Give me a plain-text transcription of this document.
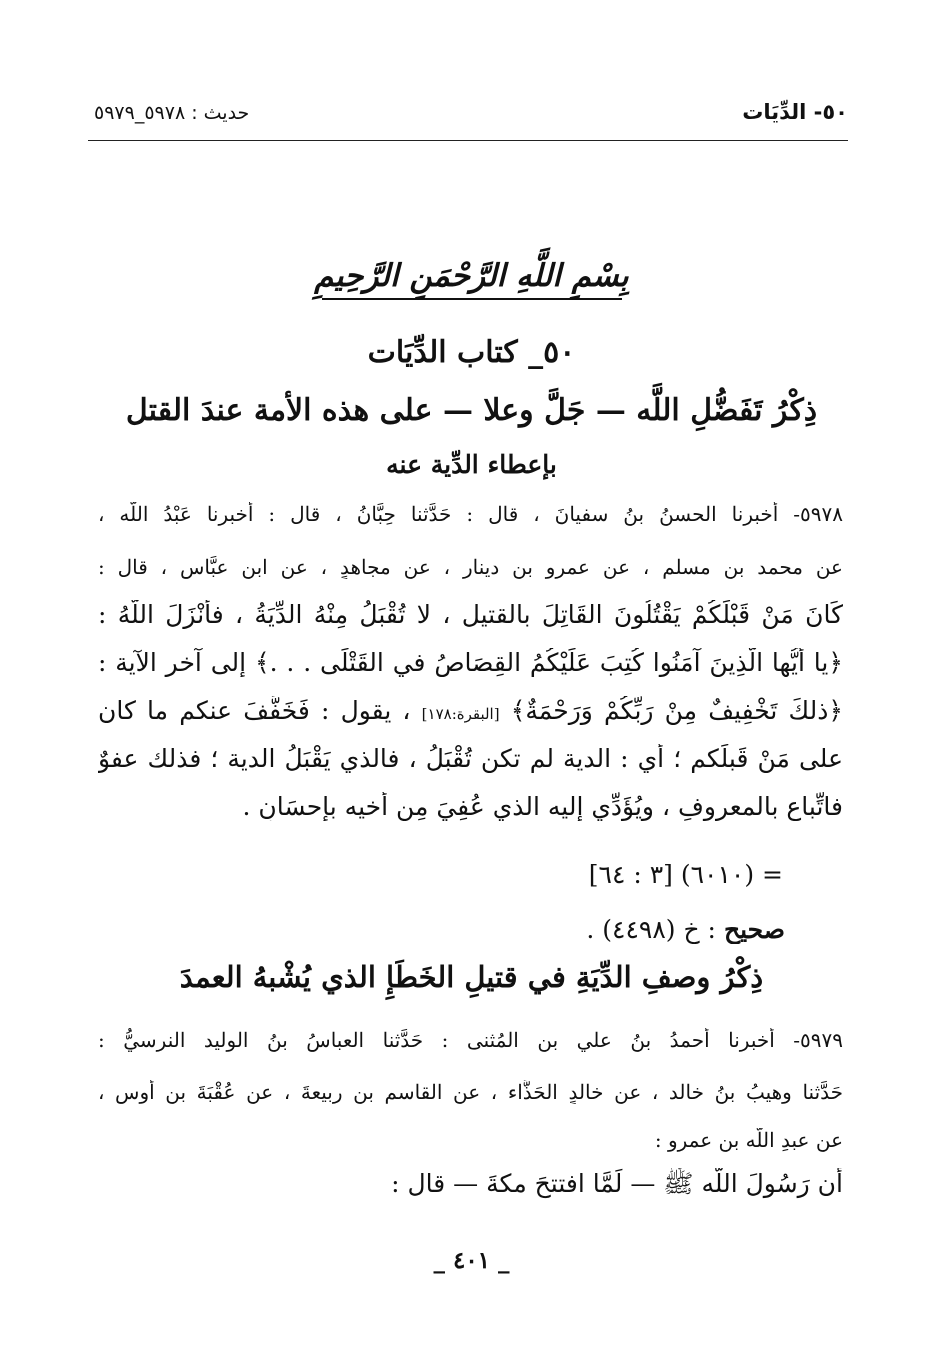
٥٠- الدِّيَات
حديث : ٥٩٧٨_٥٩٧٩
بِسْمِ اللَّهِ الرَّحْمَنِ الرَّحِيمِ
٥٠_ كتاب الدِّيَات
ذِكْرُ تَفَضُّلِ اللَّه — جَلَّ وعلا — على هذه الأمة عندَ القتل
بإعطاء الدِّية عنه
٥٩٧٨- أخبرنا الحسنُ بنُ سفيانَ ، قال : حَدَّثنا حِبَّانُ ، قال : أخبرنا عَبْدُ اللَّه ،
عن محمد بن مسلم ، عن عمرو بن دينار ، عن مجاهدٍ ، عن ابنِ عبَّاس ، قال :
كَانَ مَنْ قَبْلَكُمْ يَقْتُلُونَ القَاتِلَ بالقتيلِ ، لا تُقْبَلُ مِنْهُ الدِّيَةُ ، فأَنْزَلَ اللَّهُ :
﴿يا أيُّها الَّذِينَ آمَنُوا كُتِبَ عَلَيْكُمُ القِصَاصُ في القَتْلَى . . .﴾ إلى آخرِ الآية :
﴿ذلكَ تَخْفِيفٌ مِنْ رَبِّكُمْ وَرَحْمَةٌ﴾ [البقرة:١٧٨] ، يقول : فَخَفَّفَ عنكم ما كان
على مَنْ قَبلَكم ؛ أي : الدية لم تكن تُقْبَلُ ، فالذي يَقْبَلُ الدية ؛ فذلك عفوٌ
فاتِّباع بالمعروفِ ، ويُؤَدِّي إليه الذي عُفِيَ مِن أخيه بإحسَانٍ .
= (٦٠١٠) [٣ : ٦٤]
صحيح : خ (٤٤٩٨) .
ذِكْرُ وصفِ الدِّيَةِ في قتيلِ الخَطَإِ الذي يُشْبهُ العمدَ
٥٩٧٩- أخبرنا أحمدُ بنُ علي بنِ المُثنى : حَدَّثنا العباسُ بنُ الوليد النرسيُّ :
حَدَّثنا وهيبُ بنُ خالد ، عن خالدٍ الحَذَّاء ، عن القاسمِ بنِ ربيعةَ ، عن عُقْبَةَ بنِ أوسٍ ،
عن عبدِ اللَّه بنِ عمرو :
أن رَسُولَ اللَّه ﷺ — لَمَّا افتتحَ مكةَ — قال :
_ ٤٠١ _
